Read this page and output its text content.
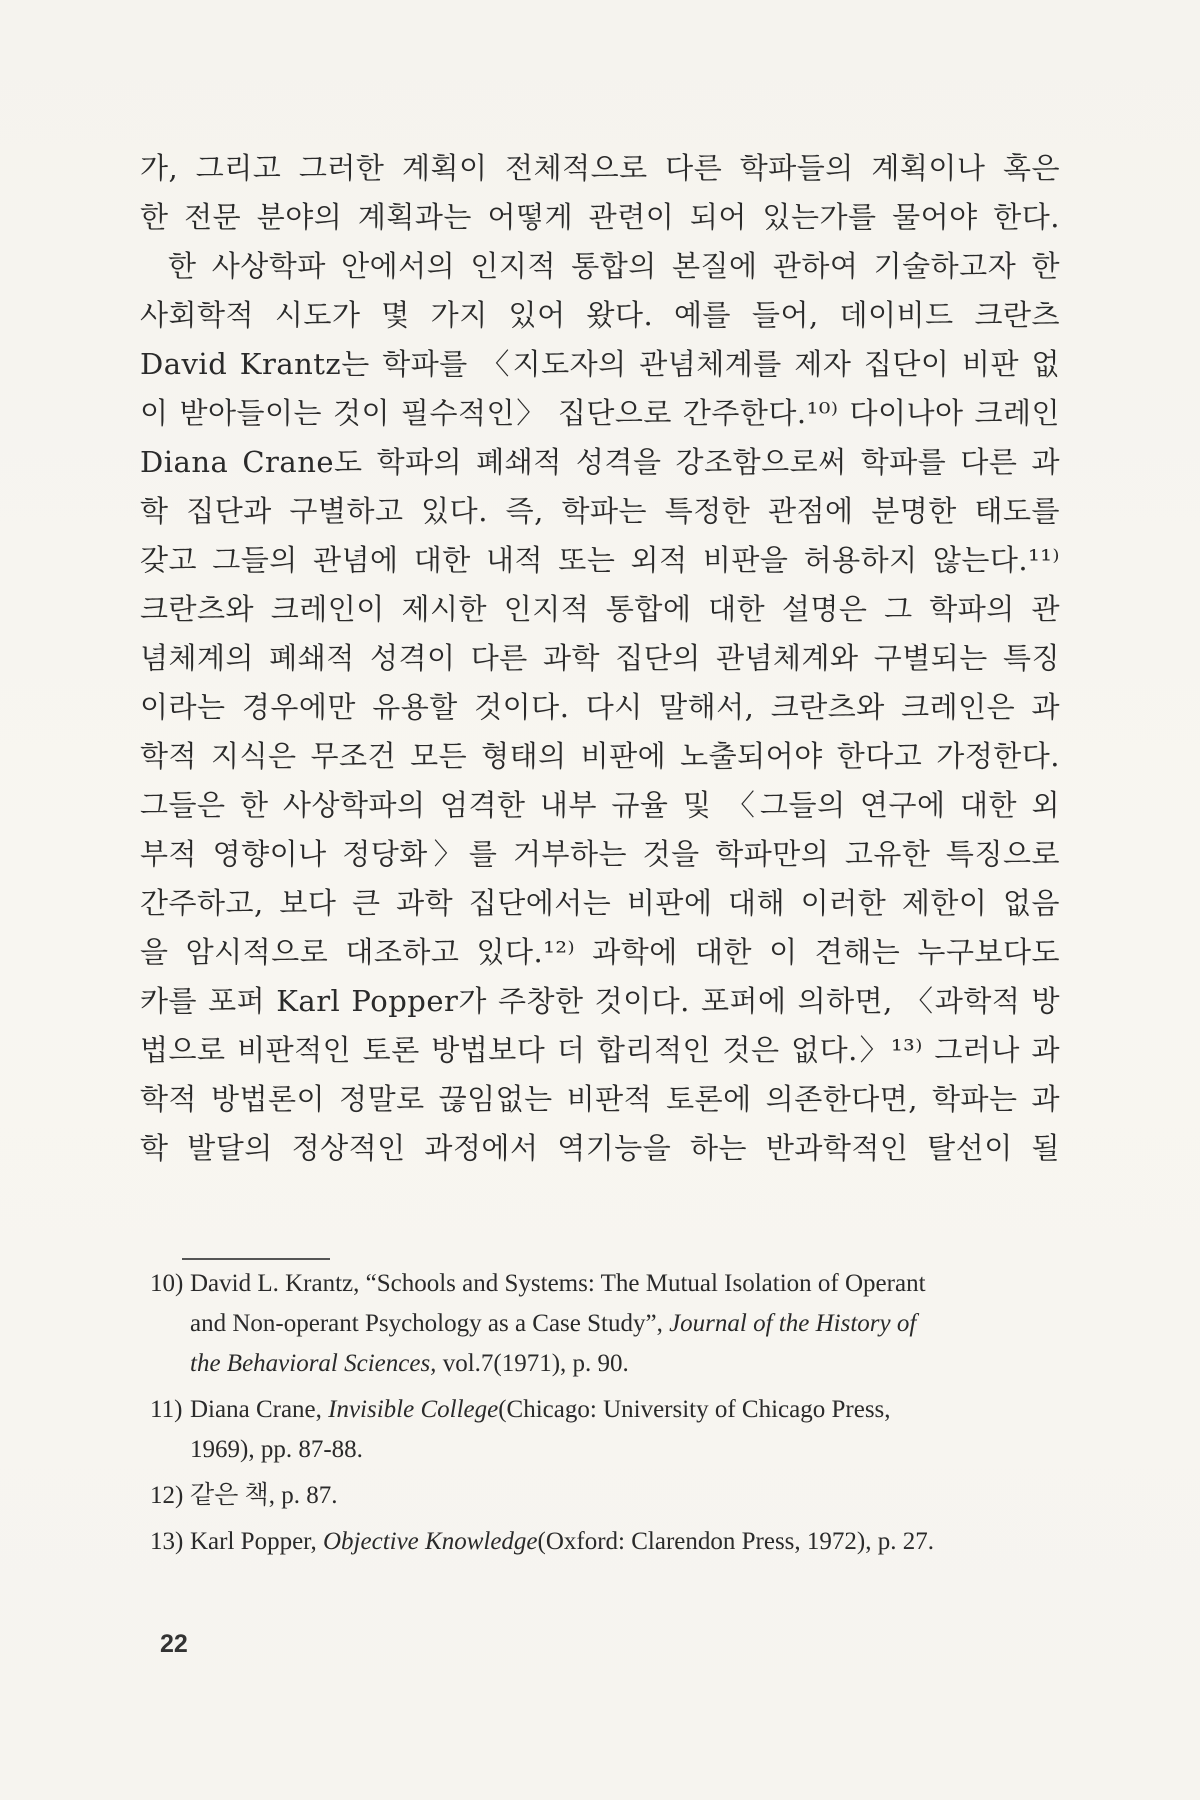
가, 그리고 그러한 계획이 전체적으로 다른 학파들의 계획이나 혹은
한 전문 분야의 계획과는 어떻게 관련이 되어 있는가를 물어야 한다.
한 사상학파 안에서의 인지적 통합의 본질에 관하여 기술하고자 한
사회학적 시도가 몇 가지 있어 왔다. 예를 들어, 데이비드 크란츠
David Krantz는 학파를 〈지도자의 관념체계를 제자 집단이 비판 없
이 받아들이는 것이 필수적인〉 집단으로 간주한다.¹⁰⁾ 다이나아 크레인
Diana Crane도 학파의 폐쇄적 성격을 강조함으로써 학파를 다른 과
학 집단과 구별하고 있다. 즉, 학파는 특정한 관점에 분명한 태도를
갖고 그들의 관념에 대한 내적 또는 외적 비판을 허용하지 않는다.¹¹⁾
크란츠와 크레인이 제시한 인지적 통합에 대한 설명은 그 학파의 관
념체계의 폐쇄적 성격이 다른 과학 집단의 관념체계와 구별되는 특징
이라는 경우에만 유용할 것이다. 다시 말해서, 크란츠와 크레인은 과
학적 지식은 무조건 모든 형태의 비판에 노출되어야 한다고 가정한다.
그들은 한 사상학파의 엄격한 내부 규율 및 〈그들의 연구에 대한 외
부적 영향이나 정당화〉를 거부하는 것을 학파만의 고유한 특징으로
간주하고, 보다 큰 과학 집단에서는 비판에 대해 이러한 제한이 없음
을 암시적으로 대조하고 있다.¹²⁾ 과학에 대한 이 견해는 누구보다도
카를 포퍼 Karl Popper가 주창한 것이다. 포퍼에 의하면, 〈과학적 방
법으로 비판적인 토론 방법보다 더 합리적인 것은 없다.〉¹³⁾ 그러나 과
학적 방법론이 정말로 끊임없는 비판적 토론에 의존한다면, 학파는 과
학 발달의 정상적인 과정에서 역기능을 하는 반과학적인 탈선이 될
10) David L. Krantz, “Schools and Systems: The Mutual Isolation of Operant
and Non-operant Psychology as a Case Study”, Journal of the History of
the Behavioral Sciences, vol.7(1971), p. 90.
11) Diana Crane, Invisible College(Chicago: University of Chicago Press,
1969), pp. 87-88.
12) 같은 책, p. 87.
13) Karl Popper, Objective Knowledge(Oxford: Clarendon Press, 1972), p. 27.
22
